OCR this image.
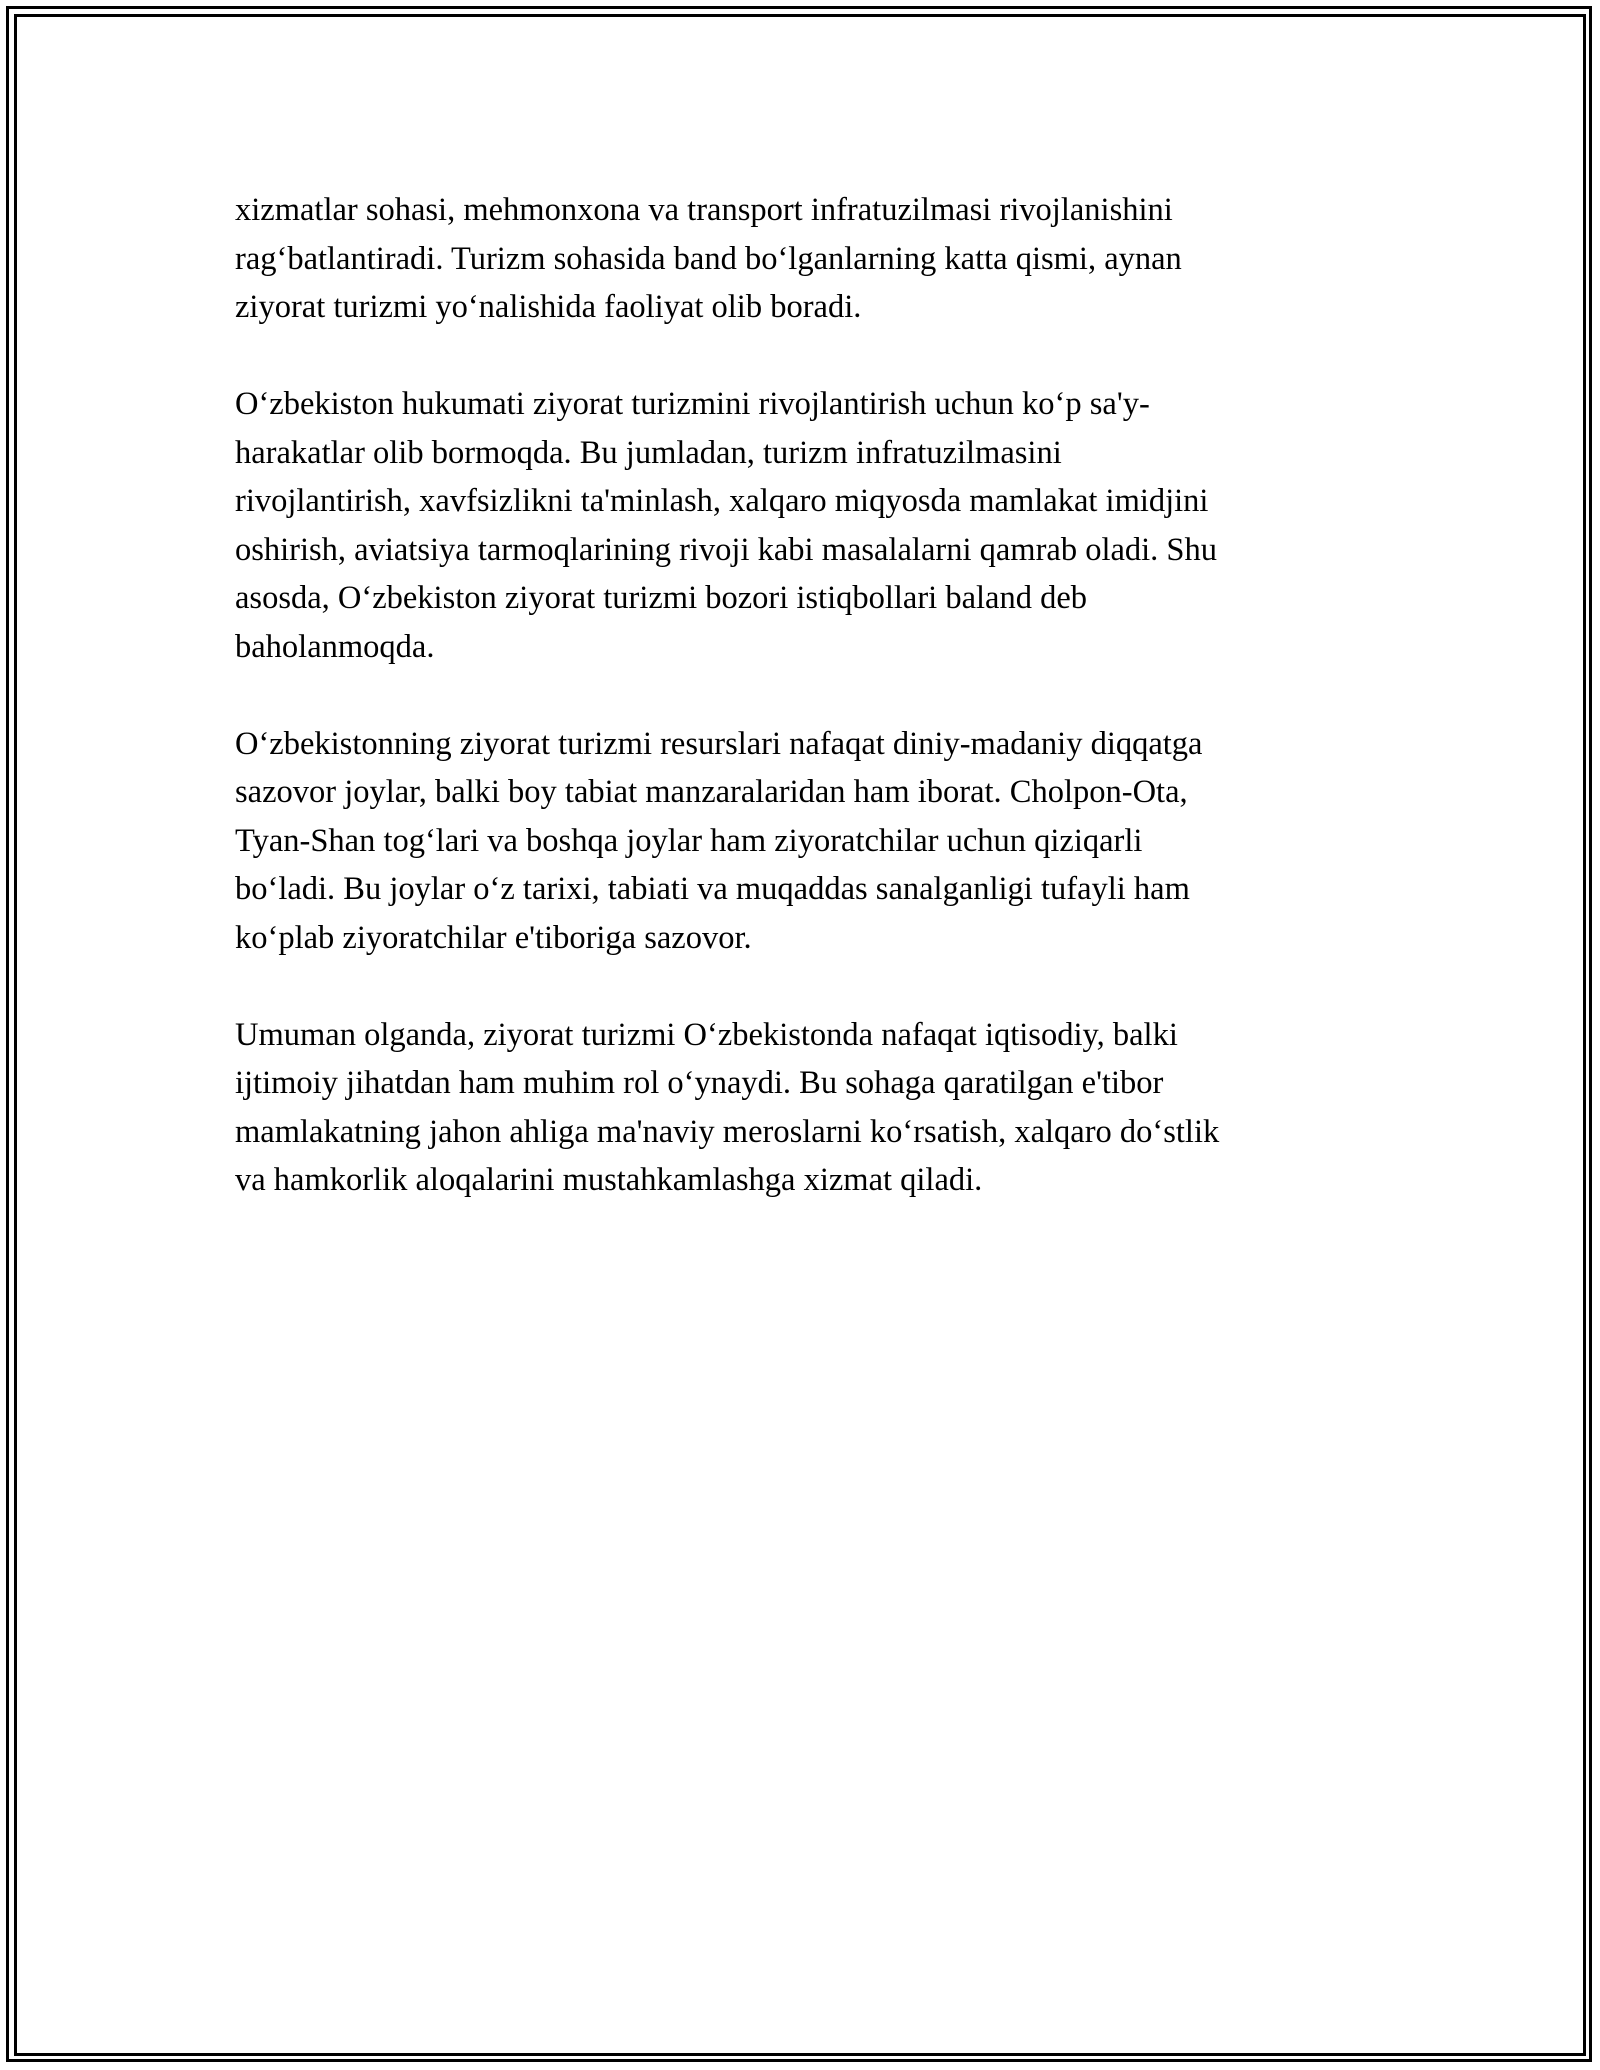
xizmatlar sohasi, mehmonxona va transport infratuzilmasi rivojlanishini
rag‘batlantiradi. Turizm sohasida band bo‘lganlarning katta qismi, aynan
ziyorat turizmi yo‘nalishida faoliyat olib boradi.

O‘zbekiston hukumati ziyorat turizmini rivojlantirish uchun ko‘p sa'y-
harakatlar olib bormoqda. Bu jumladan, turizm infratuzilmasini
rivojlantirish, xavfsizlikni ta'minlash, xalqaro miqyosda mamlakat imidjini
oshirish, aviatsiya tarmoqlarining rivoji kabi masalalarni qamrab oladi. Shu
asosda, O‘zbekiston ziyorat turizmi bozori istiqbollari baland deb
baholanmoqda.

O‘zbekistonning ziyorat turizmi resurslari nafaqat diniy-madaniy diqqatga
sazovor joylar, balki boy tabiat manzaralaridan ham iborat. Cholpon-Ota,
Tyan-Shan tog‘lari va boshqa joylar ham ziyoratchilar uchun qiziqarli
bo‘ladi. Bu joylar o‘z tarixi, tabiati va muqaddas sanalganligi tufayli ham
ko‘plab ziyoratchilar e'tiboriga sazovor.

Umuman olganda, ziyorat turizmi O‘zbekistonda nafaqat iqtisodiy, balki
ijtimoiy jihatdan ham muhim rol o‘ynaydi. Bu sohaga qaratilgan e'tibor
mamlakatning jahon ahliga ma'naviy meroslarni ko‘rsatish, xalqaro do‘stlik
va hamkorlik aloqalarini mustahkamlashga xizmat qiladi.
